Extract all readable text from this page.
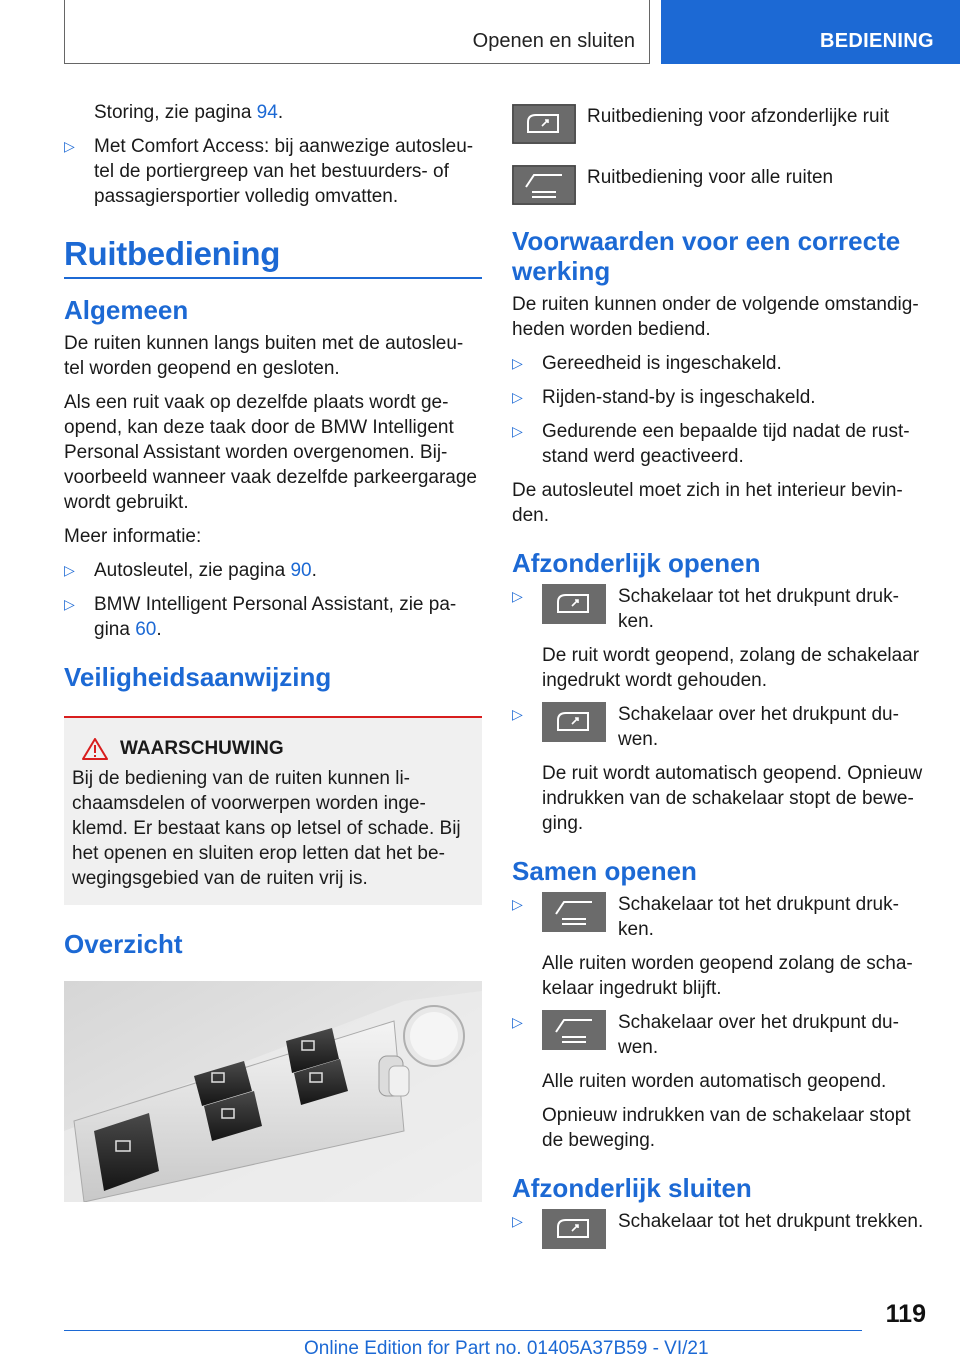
Openen en sluiten	BEDIENING

Storing, zie pagina 94.

▷ Met Comfort Access: bij aanwezige autosleu-tel de portiergreep van het bestuurders- of passagiersportier volledig omvatten.
Ruitbediening
Algemeen

De ruiten kunnen langs buiten met de autosleu-tel worden geopend en gesloten.

Als een ruit vaak op dezelfde plaats wordt ge-opend, kan deze taak door de BMW Intelligent Personal Assistant worden overgenomen. Bij-voorbeeld wanneer vaak dezelfde parkeergarage wordt gebruikt.

Meer informatie:

▷ Autosleutel, zie pagina 90.
▷ BMW Intelligent Personal Assistant, zie pa-gina 60.
Veiligheidsaanwijzing
WAARSCHUWING

Bij de bediening van de ruiten kunnen li-chaamsdelen of voorwerpen worden inge-klemd. Er bestaat kans op letsel of schade. Bij het openen en sluiten erop letten dat het be-wegingsgebied van de ruiten vrij is.

Overzicht
Ruitbediening voor afzonderlijke ruit
Ruitbediening voor alle ruiten
Voorwaarden voor een correcte werking

De ruiten kunnen onder de volgende omstandig-heden worden bediend.

▷ Gereedheid is ingeschakeld.
▷ Rijden-stand-by is ingeschakeld.
▷ Gedurende een bepaalde tijd nadat de rust-stand werd geactiveerd.

De autosleutel moet zich in het interieur bevin-den.

Afzonderlijk openen
▷	Schakelaar tot het drukpunt druk-ken.

De ruit wordt geopend, zolang de schakelaar ingedrukt wordt gehouden.

▷	Schakelaar over het drukpunt du-wen.

De ruit wordt automatisch geopend. Opnieuw indrukken van de schakelaar stopt de bewe-ging.

Samen openen
▷	Schakelaar tot het drukpunt druk-ken.

Alle ruiten worden geopend zolang de scha-kelaar ingedrukt blijft.

▷	Schakelaar over het drukpunt du-wen.

Alle ruiten worden automatisch geopend.

Opnieuw indrukken van de schakelaar stopt de beweging.

Afzonderlijk sluiten
▷	Schakelaar tot het drukpunt trekken.
119
Online Edition for Part no. 01405A37B59 - VI/21
